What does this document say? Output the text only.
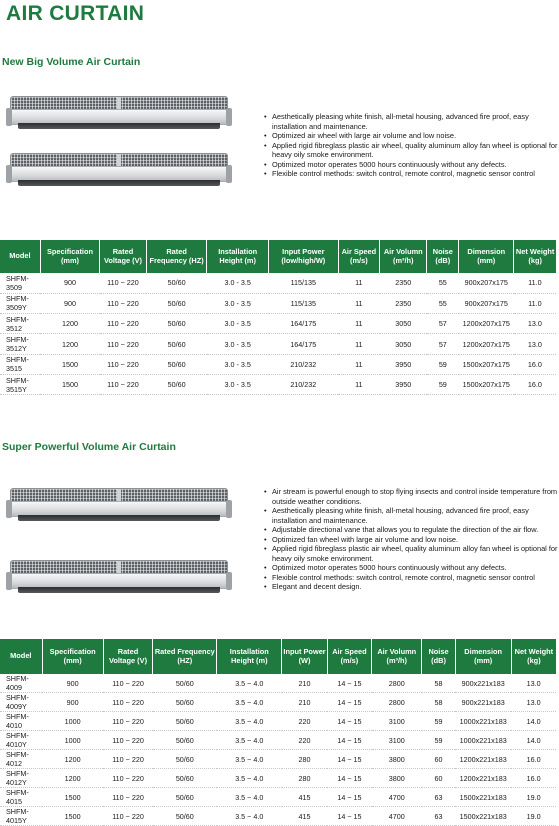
AIR CURTAIN
New Big Volume Air Curtain
• Aesthetically pleasing white finish, all-metal housing, advanced fire proof, easy installation and maintenance.
• Optimized air wheel with large air volume and low noise.
• Applied rigid fibreglass plastic air wheel, quality aluminum alloy fan wheel is optional for heavy oily smoke environment.
• Optimized motor operates 5000 hours continuously without any defects.
• Flexible control methods: switch control, remote control, magnetic sensor control
Model	Specification (mm)	Rated Voltage (V)	Rated Frequency (HZ)	Installation Height (m)	Input Power (low/high/W)	Air Speed (m/s)	Air Volumn (m³/h)	Noise (dB)	Dimension (mm)	Net Weight (kg)
SHFM-3509	900	110 ~ 220	50/60	3.0 - 3.5	115/135	11	2350	55	900x207x175	11.0
SHFM-3509Y	900	110 ~ 220	50/60	3.0 - 3.5	115/135	11	2350	55	900x207x175	11.0
SHFM-3512	1200	110 ~ 220	50/60	3.0 - 3.5	164/175	11	3050	57	1200x207x175	13.0
SHFM-3512Y	1200	110 ~ 220	50/60	3.0 - 3.5	164/175	11	3050	57	1200x207x175	13.0
SHFM-3515	1500	110 ~ 220	50/60	3.0 - 3.5	210/232	11	3950	59	1500x207x175	16.0
SHFM-3515Y	1500	110 ~ 220	50/60	3.0 - 3.5	210/232	11	3950	59	1500x207x175	16.0
Super Powerful Volume Air Curtain
• Air stream is powerful enough to stop flying insects and control inside temperature from outside weather conditions.
• Aesthetically pleasing white finish, all-metal housing, advanced fire proof, easy installation and maintenance.
• Adjustable directional vane that allows you to regulate the direction of the air flow.
• Optimized fan wheel with large air volume and low noise.
• Applied rigid fibreglass plastic air wheel, quality aluminum alloy fan wheel is optional for heavy oily smoke environment.
• Optimized motor operates 5000 hours continuously without any defects.
• Flexible control methods: switch control, remote control, magnetic sensor control
• Elegant and decent design.
Model	Specification (mm)	Rated Voltage (V)	Rated Frequency (HZ)	Installation Height (m)	Input Power (W)	Air Speed (m/s)	Air Volumn (m³/h)	Noise (dB)	Dimension (mm)	Net Weight (kg)
SHFM-4009	900	110 ~ 220	50/60	3.5 ~ 4.0	210	14 ~ 15	2800	58	900x221x183	13.0
SHFM-4009Y	900	110 ~ 220	50/60	3.5 ~ 4.0	210	14 ~ 15	2800	58	900x221x183	13.0
SHFM-4010	1000	110 ~ 220	50/60	3.5 ~ 4.0	220	14 ~ 15	3100	59	1000x221x183	14.0
SHFM-4010Y	1000	110 ~ 220	50/60	3.5 ~ 4.0	220	14 ~ 15	3100	59	1000x221x183	14.0
SHFM-4012	1200	110 ~ 220	50/60	3.5 ~ 4.0	280	14 ~ 15	3800	60	1200x221x183	16.0
SHFM-4012Y	1200	110 ~ 220	50/60	3.5 ~ 4.0	280	14 ~ 15	3800	60	1200x221x183	16.0
SHFM-4015	1500	110 ~ 220	50/60	3.5 ~ 4.0	415	14 ~ 15	4700	63	1500x221x183	19.0
SHFM-4015Y	1500	110 ~ 220	50/60	3.5 ~ 4.0	415	14 ~ 15	4700	63	1500x221x183	19.0
